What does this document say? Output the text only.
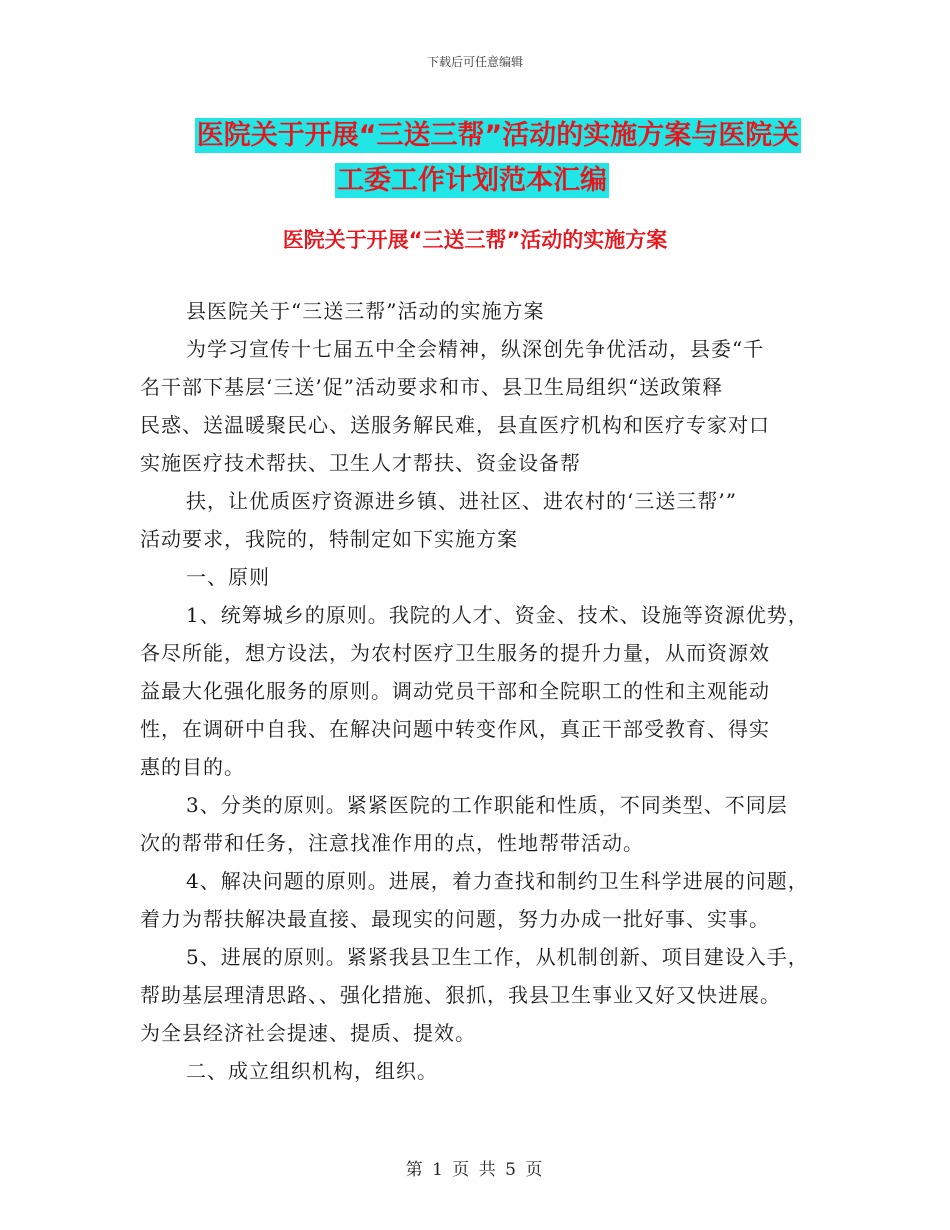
下载后可任意编辑
医院关于开展“三送三帮”活动的实施方案与医院关
工委工作计划范本汇编
医院关于开展“三送三帮”活动的实施方案
县医院关于“三送三帮”活动的实施方案
为学习宣传十七届五中全会精神，纵深创先争优活动，县委“千
名干部下基层‘三送’促”活动要求和市、县卫生局组织“送政策释
民惑、送温暖聚民心、送服务解民难，县直医疗机构和医疗专家对口
实施医疗技术帮扶、卫生人才帮扶、资金设备帮
扶，让优质医疗资源进乡镇、进社区、进农村的‘三送三帮’”
活动要求，我院的，特制定如下实施方案
一、原则
1、统筹城乡的原则。我院的人才、资金、技术、设施等资源优势，
各尽所能，想方设法，为农村医疗卫生服务的提升力量，从而资源效
益最大化强化服务的原则。调动党员干部和全院职工的性和主观能动
性，在调研中自我、在解决问题中转变作风，真正干部受教育、得实
惠的目的。
3、分类的原则。紧紧医院的工作职能和性质，不同类型、不同层
次的帮带和任务，注意找准作用的点，性地帮带活动。
4、解决问题的原则。进展，着力查找和制约卫生科学进展的问题，
着力为帮扶解决最直接、最现实的问题，努力办成一批好事、实事。
5、进展的原则。紧紧我县卫生工作，从机制创新、项目建设入手，
帮助基层理清思路、、强化措施、狠抓，我县卫生事业又好又快进展。
为全县经济社会提速、提质、提效。
二、成立组织机构，组织。
第 1 页 共 5 页
